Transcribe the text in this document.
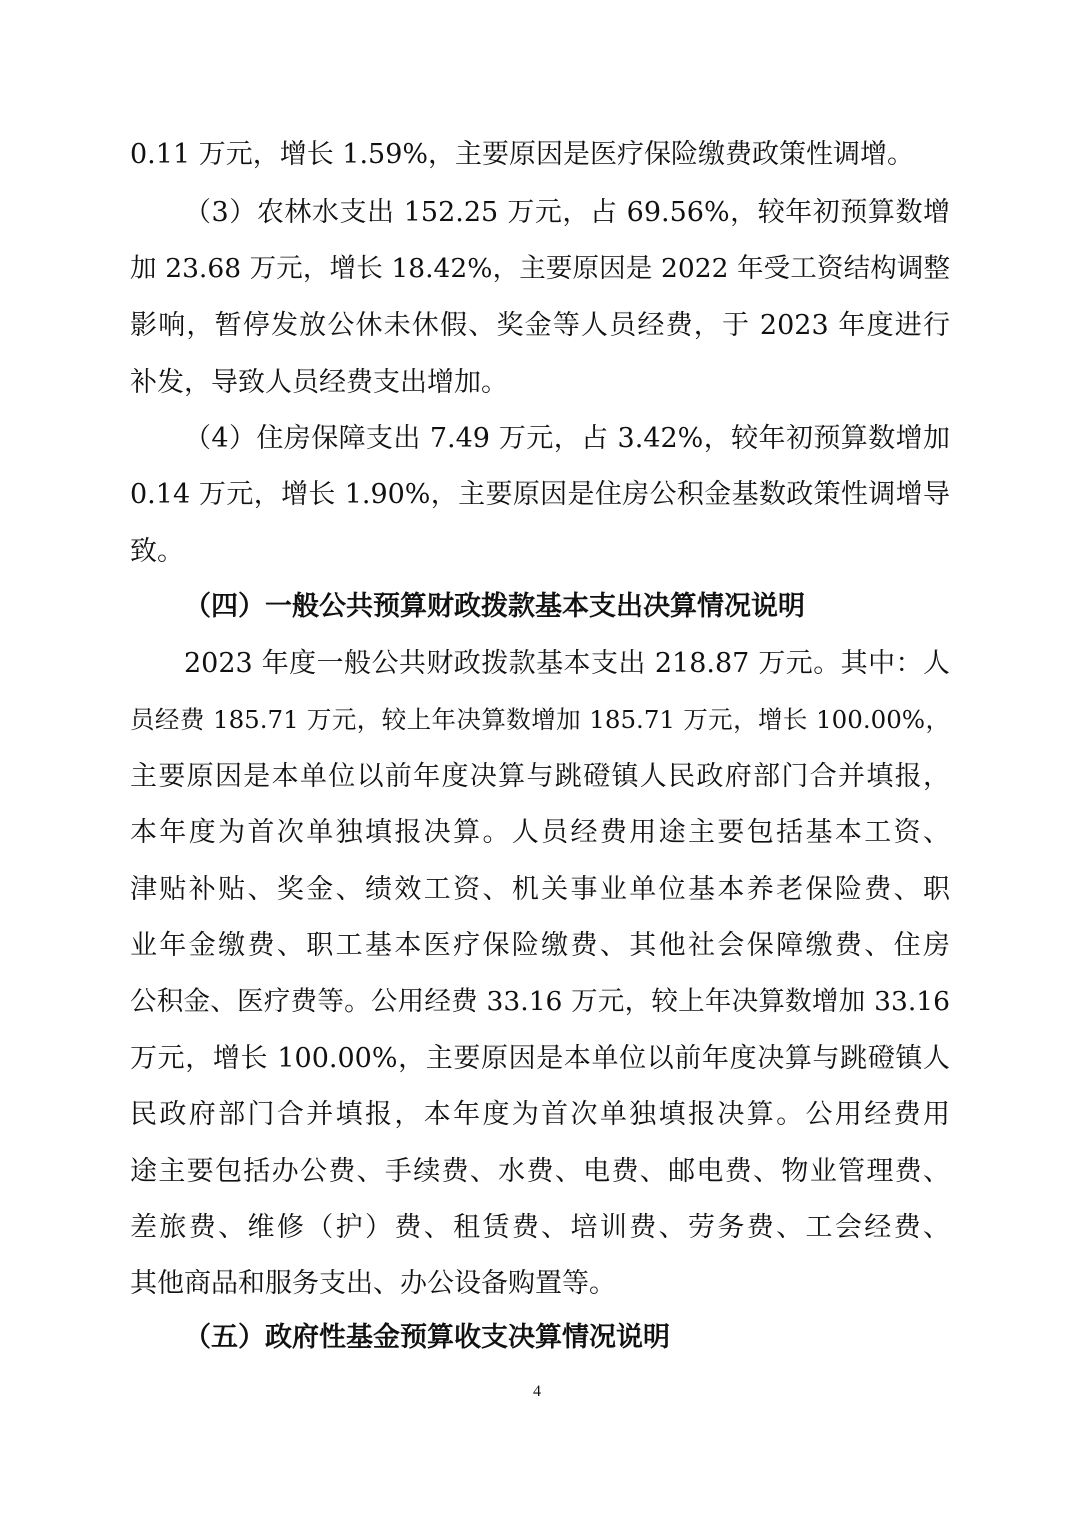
0.11 万元，增长 1.59%，主要原因是医疗保险缴费政策性调增。
（3）农林水支出 152.25 万元，占 69.56%，较年初预算数增
加 23.68 万元，增长 18.42%，主要原因是 2022 年受工资结构调整
影响，暂停发放公休未休假、奖金等人员经费，于 2023 年度进行
补发，导致人员经费支出增加。
（4）住房保障支出 7.49 万元，占 3.42%，较年初预算数增加
0.14 万元，增长 1.90%，主要原因是住房公积金基数政策性调增导
致。
（四）一般公共预算财政拨款基本支出决算情况说明
2023 年度一般公共财政拨款基本支出 218.87 万元。其中：人
员经费 185.71 万元，较上年决算数增加 185.71 万元，增长 100.00%，
主要原因是本单位以前年度决算与跳磴镇人民政府部门合并填报，
本年度为首次单独填报决算。人员经费用途主要包括基本工资、
津贴补贴、奖金、绩效工资、机关事业单位基本养老保险费、职
业年金缴费、职工基本医疗保险缴费、其他社会保障缴费、住房
公积金、医疗费等。公用经费 33.16 万元，较上年决算数增加 33.16
万元，增长 100.00%，主要原因是本单位以前年度决算与跳磴镇人
民政府部门合并填报，本年度为首次单独填报决算。公用经费用
途主要包括办公费、手续费、水费、电费、邮电费、物业管理费、
差旅费、维修（护）费、租赁费、培训费、劳务费、工会经费、
其他商品和服务支出、办公设备购置等。
（五）政府性基金预算收支决算情况说明
4
